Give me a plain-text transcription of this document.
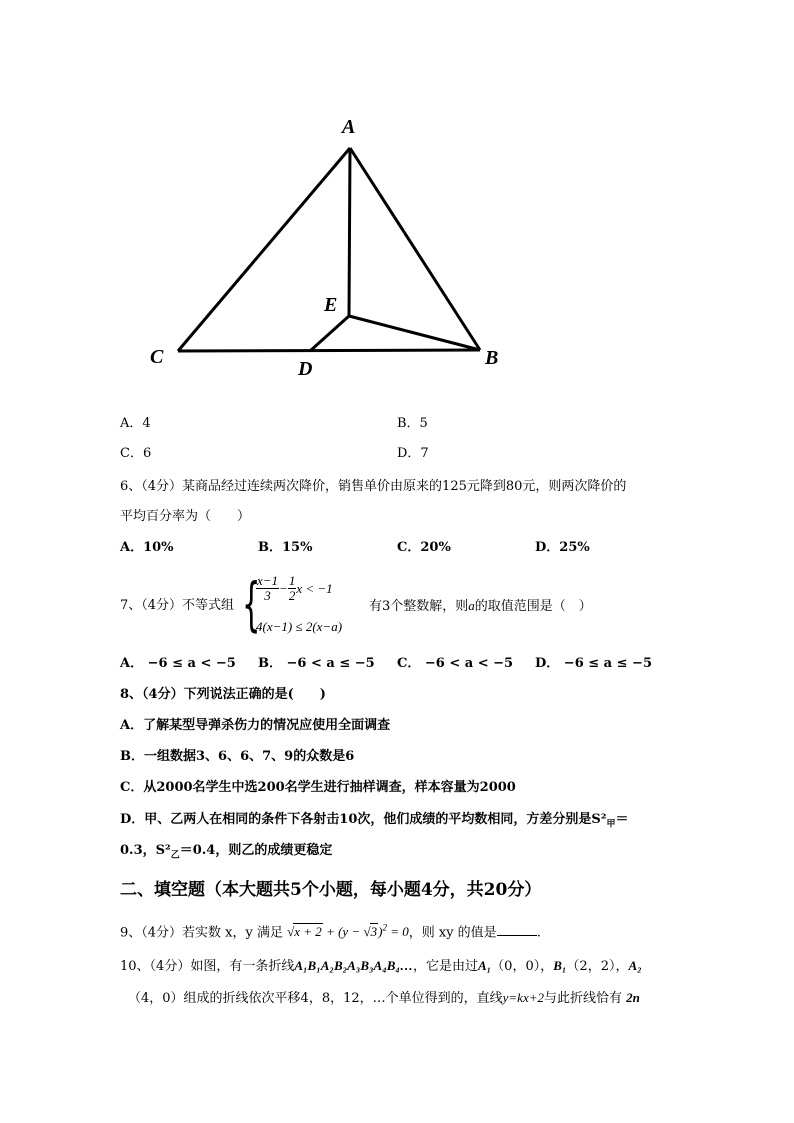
A
E
C
D	B
A．4	B．5
C．6	D．7
6、（4分）某商品经过连续两次降价，销售单价由原来的125元降到80元，则两次降价的
平均百分率为（　　）
A．10%	B．15%	C．20%	D．25%
7、（4分）不等式组 {
$\frac{x-1}{3} - \frac{1}{2}$ x < −1
4(x−1) ≤ 2(x−a)
有3个整数解，则a的取值范围是（　）
A． −6 ≤ a < −5 B． −6 < a ≤ −5 C． −6 < a < −5 D． −6 ≤ a ≤ −5
8、（4分）下列说法正确的是(　　)
A．了解某型导弹杀伤力的情况应使用全面调查
B．一组数据3、6、6、7、9的众数是6
C．从2000名学生中选200名学生进行抽样调查，样本容量为2000
D．甲、乙两人在相同的条件下各射击10次，他们成绩的平均数相同，方差分别是$S^2_甲=$
0.3，$S^2_乙=0.4$，则乙的成绩更稳定
二、填空题（本大题共5个小题，每小题4分，共20分）
9、（4分）若实数 x，y 满足 $√x + 2 + (y - √3)^2 = 0$，则 xy 的值是	.
10、（4分）如图，有一条折线A₁B₁A₂B₂A₃B₃A₄B₄…，它是由过A₁（0，0），B₁（2，2），A₂
（4，0）组成的折线依次平移4，8，12，…个单位得到的，直线y=kx+2与此折线恰有 2n
